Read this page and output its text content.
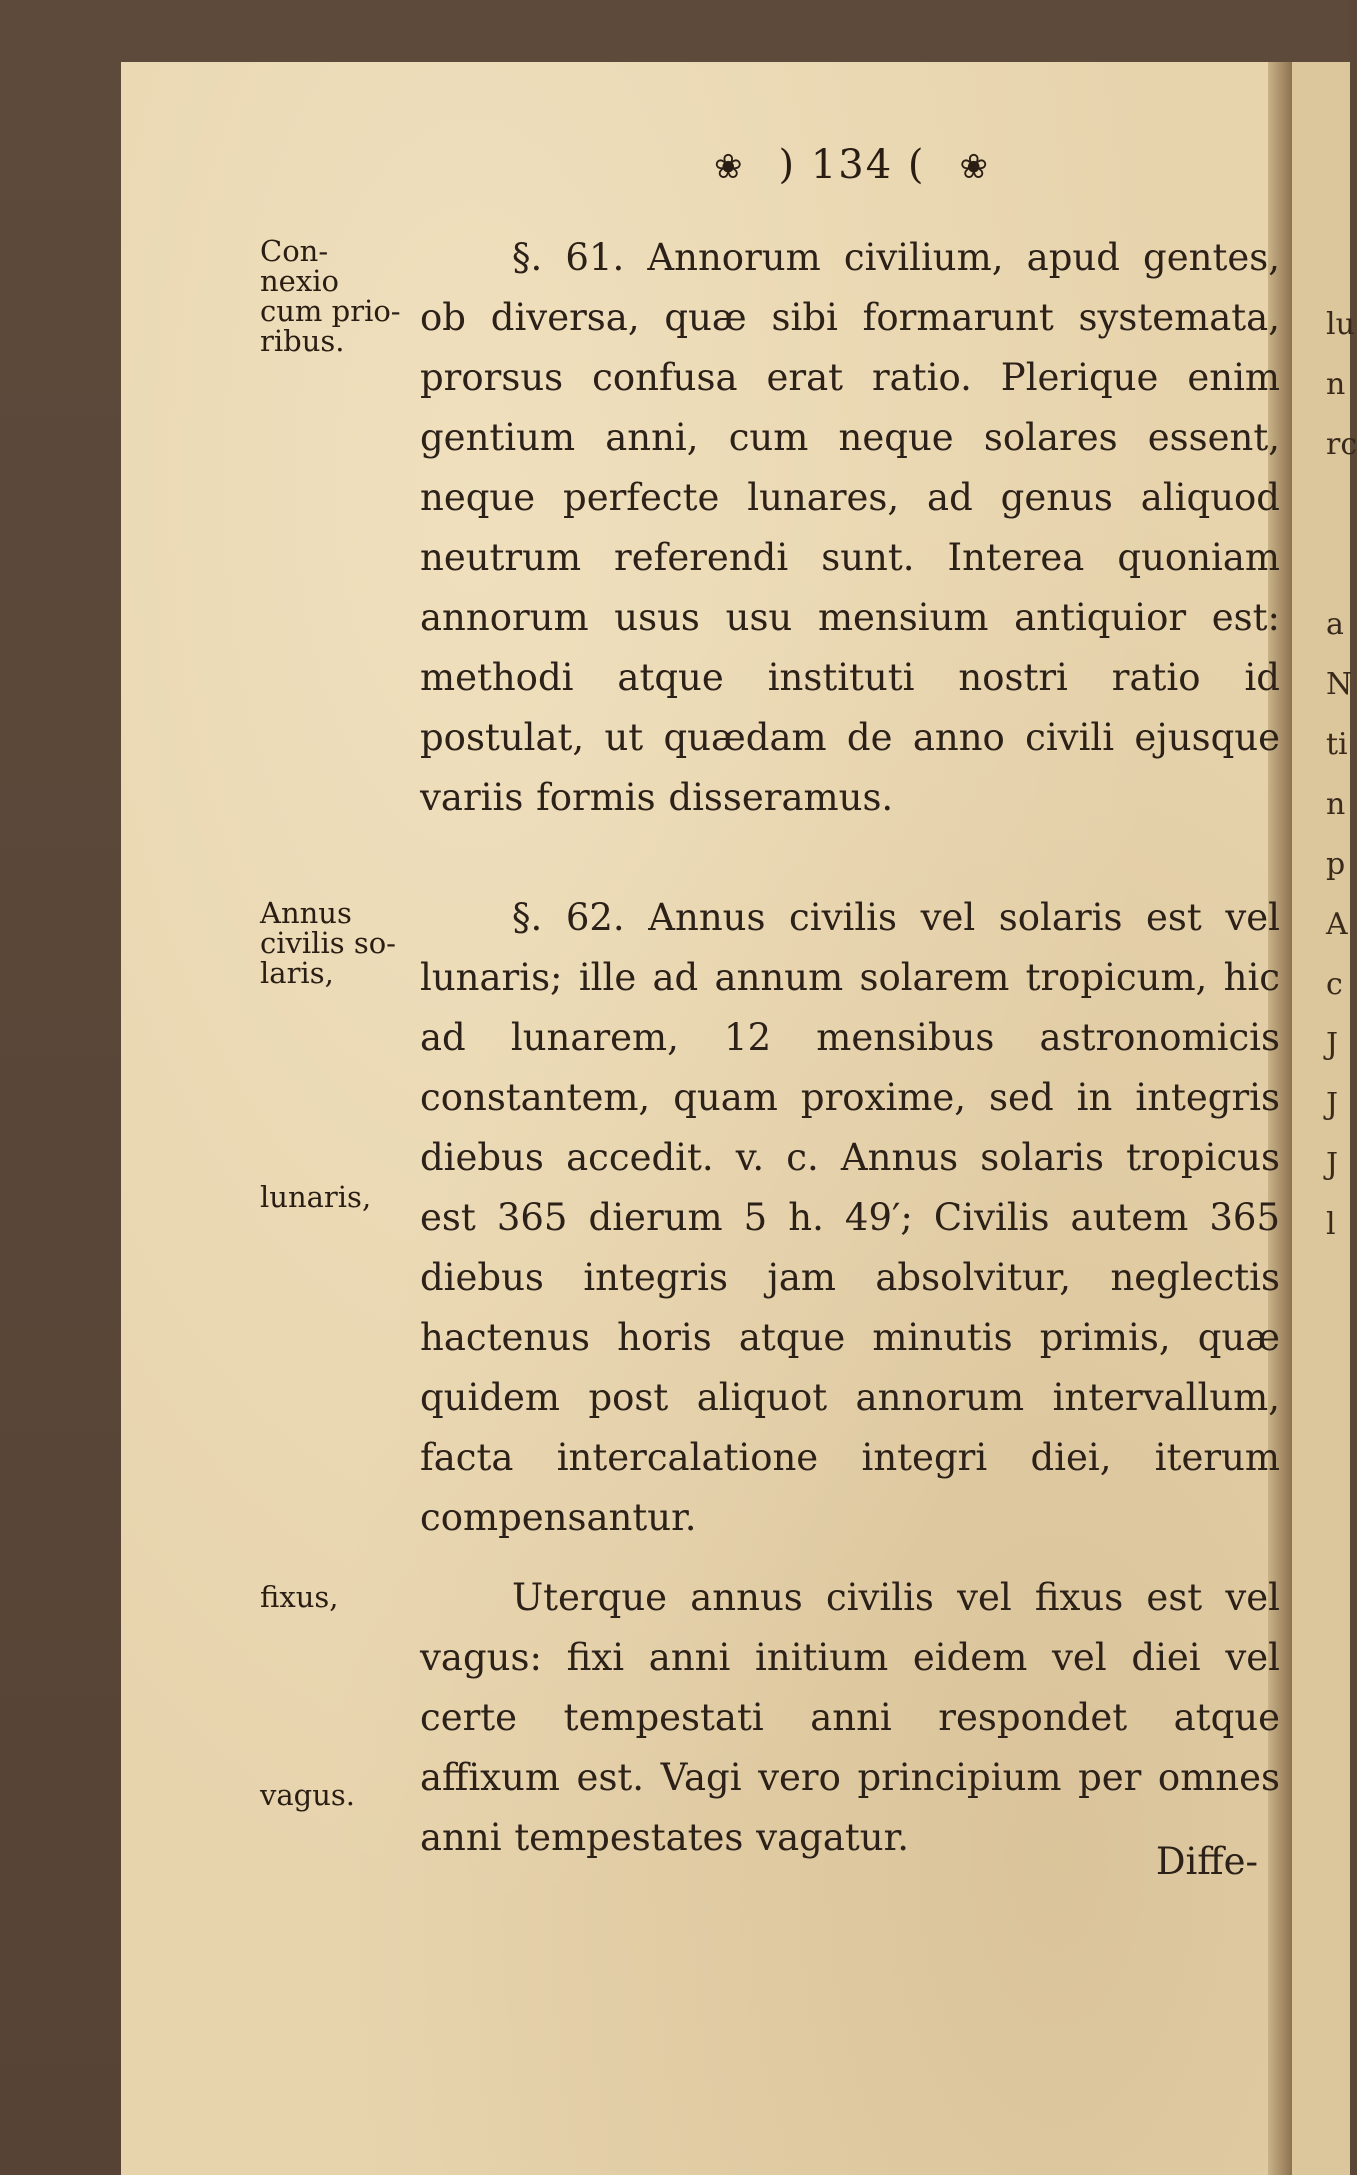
lu
n
rc
a
N
ti
n
p
A
c
J
J
J
l
❀ ) 134 ( ❀
Con-
nexio
cum prio-
ribus.
Annus
civilis so-
laris,
lunaris,
fixus,
vagus.

§. 61. Annorum civilium, apud gentes, ob diversa, quæ sibi formarunt systemata, prorsus confusa erat ratio. Plerique enim gentium anni, cum neque solares essent, neque perfecte lunares, ad genus aliquod neutrum referendi sunt. Interea quoniam annorum usus usu mensium antiquior est: methodi atque instituti nostri ratio id postulat, ut quædam de anno civili ejusque variis formis disseramus.

§. 62. Annus civilis vel solaris est vel lunaris; ille ad annum solarem tropicum, hic ad lunarem, 12 mensibus astronomicis constantem, quam proxime, sed in integris diebus accedit. v. c. Annus solaris tropicus est 365 dierum 5 h. 49′; Civilis autem 365 diebus integris jam absolvitur, neglectis hactenus horis atque minutis primis, quæ quidem post aliquot annorum intervallum, facta intercalatione integri diei, iterum compensantur.

Uterque annus civilis vel fixus est vel vagus: fixi anni initium eidem vel diei vel certe tempestati anni respondet atque affixum est. Vagi vero principium per omnes anni tempestates vagatur.

Diffe-
